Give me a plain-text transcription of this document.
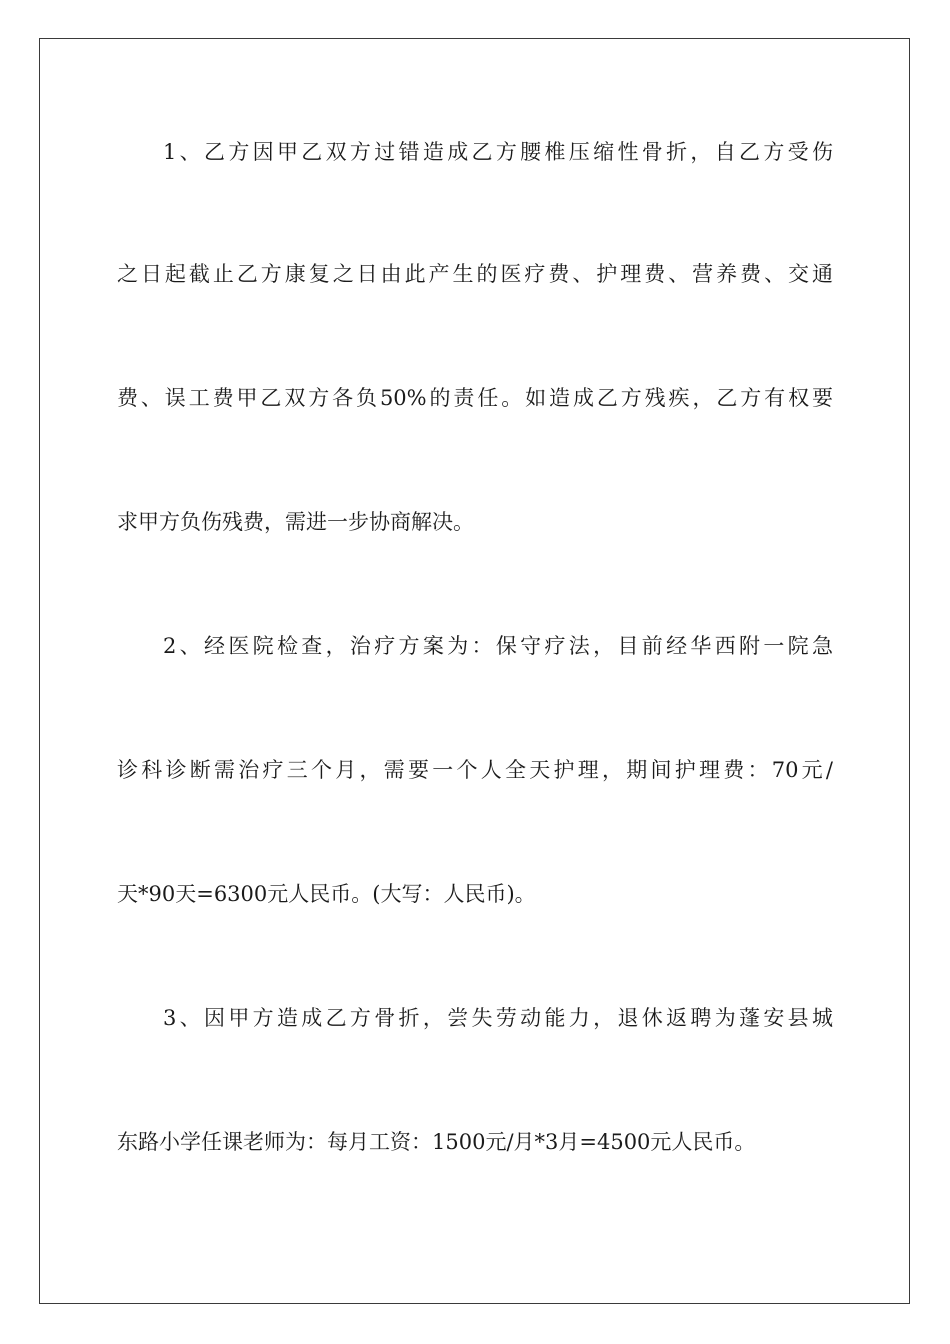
1、乙方因甲乙双方过错造成乙方腰椎压缩性骨折，自乙方受伤
之日起截止乙方康复之日由此产生的医疗费、护理费、营养费、交通
费、误工费甲乙双方各负50%的责任。如造成乙方残疾，乙方有权要
求甲方负伤残费，需进一步协商解决。
2、经医院检查，治疗方案为：保守疗法，目前经华西附一院急
诊科诊断需治疗三个月，需要一个人全天护理，期间护理费：70元/
天*90天=6300元人民币。(大写：人民币)。
3、因甲方造成乙方骨折，尝失劳动能力，退休返聘为蓬安县城
东路小学任课老师为：每月工资：1500元/月*3月=4500元人民币。
